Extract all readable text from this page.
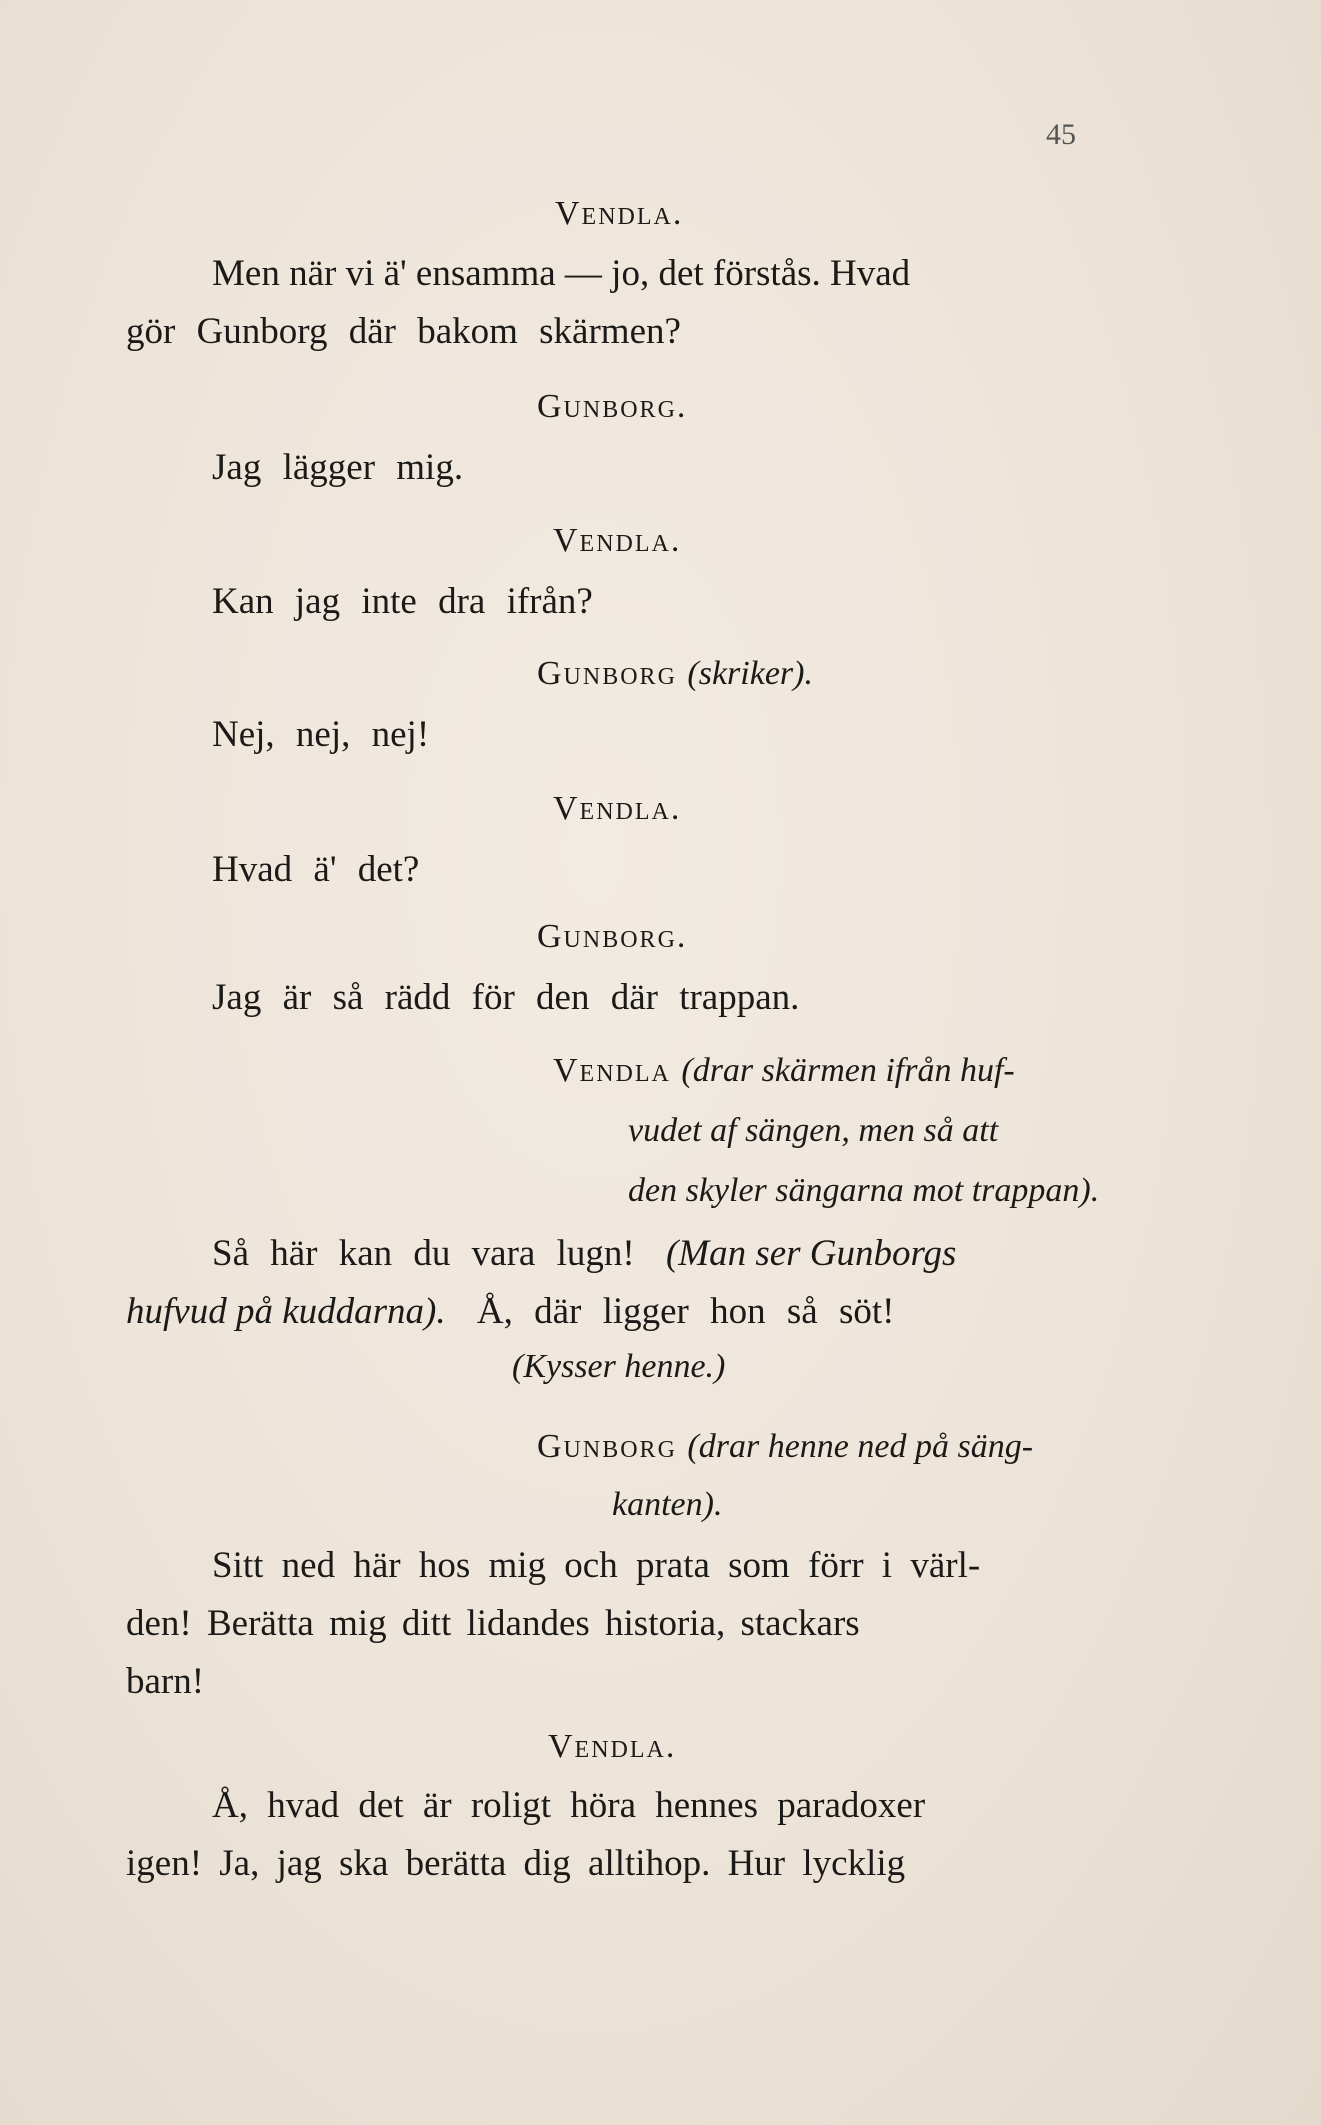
45
Vendla.
Men när vi ä' ensamma — jo, det förstås. Hvad
gör Gunborg där bakom skärmen?
Gunborg.
Jag lägger mig.
Vendla.
Kan jag inte dra ifrån?
Gunborg (skriker).
Nej, nej, nej!
Vendla.
Hvad ä' det?
Gunborg.
Jag är så rädd för den där trappan.
Vendla (drar skärmen ifrån huf-
vudet af sängen, men så att
den skyler sängarna mot trappan).
Så här kan du vara lugn! (Man ser Gunborgs
hufvud på kuddarna). Å, där ligger hon så söt!
(Kysser henne.)
Gunborg (drar henne ned på säng-
kanten).
Sitt ned här hos mig och prata som förr i värl-
den! Berätta mig ditt lidandes historia, stackars
barn!
Vendla.
Å, hvad det är roligt höra hennes paradoxer
igen! Ja, jag ska berätta dig alltihop. Hur lycklig
